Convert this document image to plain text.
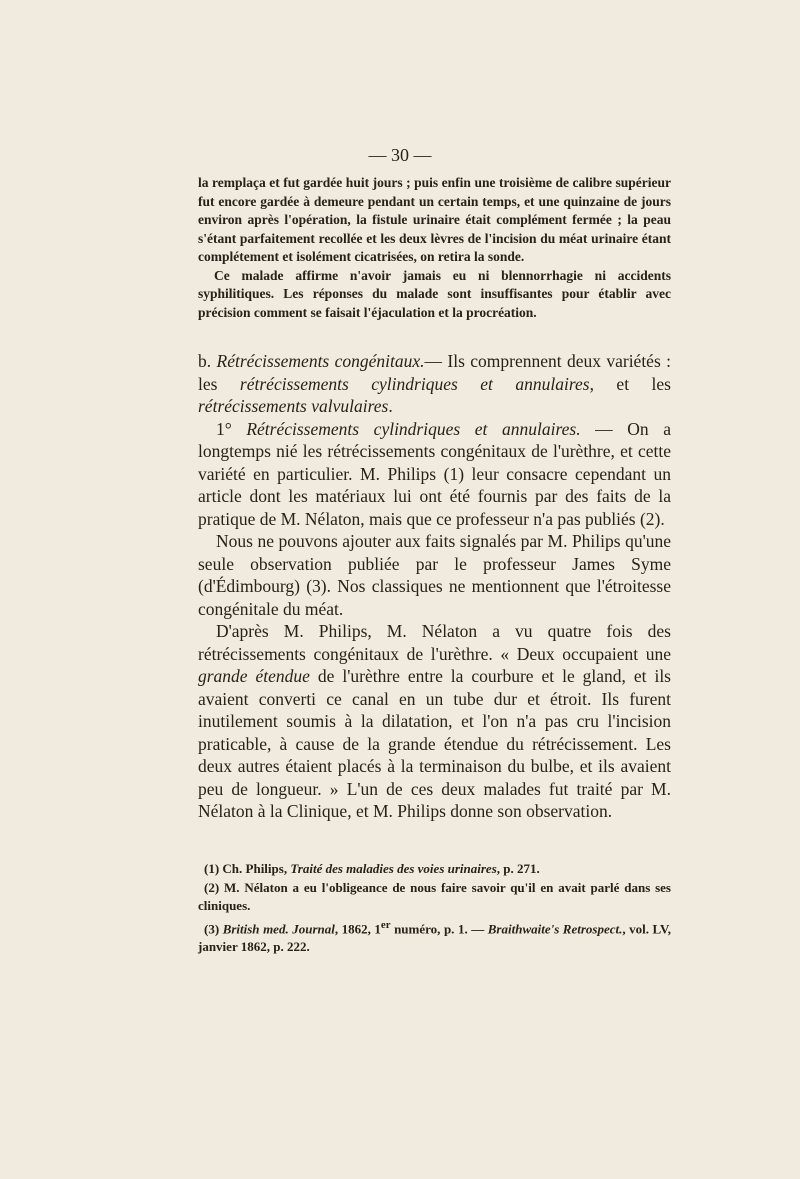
— 30 —

la remplaça et fut gardée huit jours ; puis enfin une troisième de calibre supérieur fut encore gardée à demeure pendant un certain temps, et une quinzaine de jours environ après l'opération, la fistule urinaire était complément fermée ; la peau s'étant parfaitement recollée et les deux lèvres de l'incision du méat urinaire étant complétement et isolément cicatrisées, on retira la sonde.

Ce malade affirme n'avoir jamais eu ni blennorrhagie ni accidents syphilitiques. Les réponses du malade sont insuffisantes pour établir avec précision comment se faisait l'éjaculation et la procréation.

b. Rétrécissements congénitaux.— Ils comprennent deux variétés : les rétrécissements cylindriques et annulaires, et les rétrécissements valvulaires.

1° Rétrécissements cylindriques et annulaires. — On a longtemps nié les rétrécissements congénitaux de l'urèthre, et cette variété en particulier. M. Philips (1) leur consacre cependant un article dont les matériaux lui ont été fournis par des faits de la pratique de M. Nélaton, mais que ce professeur n'a pas publiés (2).

Nous ne pouvons ajouter aux faits signalés par M. Philips qu'une seule observation publiée par le professeur James Syme (d'Édimbourg) (3). Nos classiques ne mentionnent que l'étroitesse congénitale du méat.

D'après M. Philips, M. Nélaton a vu quatre fois des rétrécissements congénitaux de l'urèthre. « Deux occupaient une grande étendue de l'urèthre entre la courbure et le gland, et ils avaient converti ce canal en un tube dur et étroit. Ils furent inutilement soumis à la dilatation, et l'on n'a pas cru l'incision praticable, à cause de la grande étendue du rétrécissement. Les deux autres étaient placés à la terminaison du bulbe, et ils avaient peu de longueur. » L'un de ces deux malades fut traité par M. Nélaton à la Clinique, et M. Philips donne son observation.

(1) Ch. Philips, Traité des maladies des voies urinaires, p. 271.

(2) M. Nélaton a eu l'obligeance de nous faire savoir qu'il en avait parlé dans ses cliniques.

(3) British med. Journal, 1862, 1er numéro, p. 1. — Braithwaite's Retrospect., vol. LV, janvier 1862, p. 222.
